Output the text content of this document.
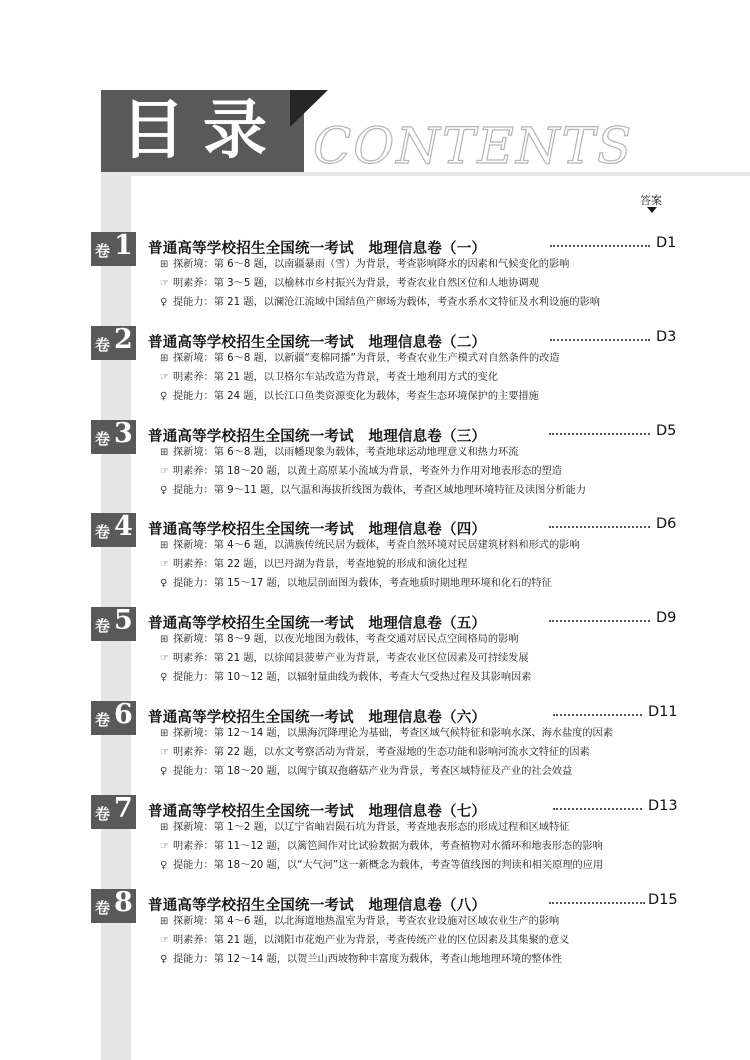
目录 CONTENTS
答案
卷 1 普通高等学校招生全国统一考试　地理信息卷（一）	D1
⊞ 探新境：第 6～8 题，以南疆暴雨（雪）为背景，考查影响降水的因素和气候变化的影响
☞ 明素养：第 3～5 题，以榆林市乡村振兴为背景，考查农业自然区位和人地协调观
♀ 提能力：第 21 题，以澜沧江流域中国结鱼产卵场为载体，考查水系水文特征及水利设施的影响
卷 2 普通高等学校招生全国统一考试　地理信息卷（二）	D3
⊞ 探新境：第 6～8 题，以新疆“麦棉同播”为背景，考查农业生产模式对自然条件的改造
☞ 明素养：第 21 题，以卫格尔车站改造为背景，考查土地利用方式的变化
♀ 提能力：第 24 题，以长江口鱼类资源变化为载体，考查生态环境保护的主要措施
卷 3 普通高等学校招生全国统一考试　地理信息卷（三）	D5
⊞ 探新境：第 6～8 题，以雨幡现象为载体，考查地球运动地理意义和热力环流
☞ 明素养：第 18～20 题，以黄土高原某小流域为背景，考查外力作用对地表形态的塑造
♀ 提能力：第 9～11 题，以气温和海拔折线图为载体，考查区域地理环境特征及读图分析能力
卷 4 普通高等学校招生全国统一考试　地理信息卷（四）	D6
⊞ 探新境：第 4～6 题，以满族传统民居为载体，考查自然环境对民居建筑材料和形式的影响
☞ 明素养：第 22 题，以巴丹湖为背景，考查地貌的形成和演化过程
♀ 提能力：第 15～17 题，以地层剖面图为载体，考查地质时期地理环境和化石的特征
卷 5 普通高等学校招生全国统一考试　地理信息卷（五）	D9
⊞ 探新境：第 8～9 题，以夜光地图为载体，考查交通对居民点空间格局的影响
☞ 明素养：第 21 题，以徐闻县菠萝产业为背景，考查农业区位因素及可持续发展
♀ 提能力：第 10～12 题，以辐射量曲线为载体，考查大气受热过程及其影响因素
卷 6 普通高等学校招生全国统一考试　地理信息卷（六）	D11
⊞ 探新境：第 12～14 题，以黑海沉降理论为基础，考查区域气候特征和影响水深、海水盐度的因素
☞ 明素养：第 22 题，以水文考察活动为背景，考查湿地的生态功能和影响河流水文特征的因素
♀ 提能力：第 18～20 题，以闽宁镇双孢蘑菇产业为背景，考查区域特征及产业的社会效益
卷 7 普通高等学校招生全国统一考试　地理信息卷（七）	D13
⊞ 探新境：第 1～2 题，以辽宁省岫岩陨石坑为背景，考查地表形态的形成过程和区域特征
☞ 明素养：第 11～12 题，以篱笆间作对比试验数据为载体，考查植物对水循环和地表形态的影响
♀ 提能力：第 18～20 题，以“大气河”这一新概念为载体，考查等值线图的判读和相关原理的应用
卷 8 普通高等学校招生全国统一考试　地理信息卷（八）	D15
⊞ 探新境：第 4～6 题，以北海道地热温室为背景，考查农业设施对区域农业生产的影响
☞ 明素养：第 21 题，以浏阳市花炮产业为背景，考查传统产业的区位因素及其集聚的意义
♀ 提能力：第 12～14 题，以贺兰山西坡物种丰富度为载体，考查山地地理环境的整体性
